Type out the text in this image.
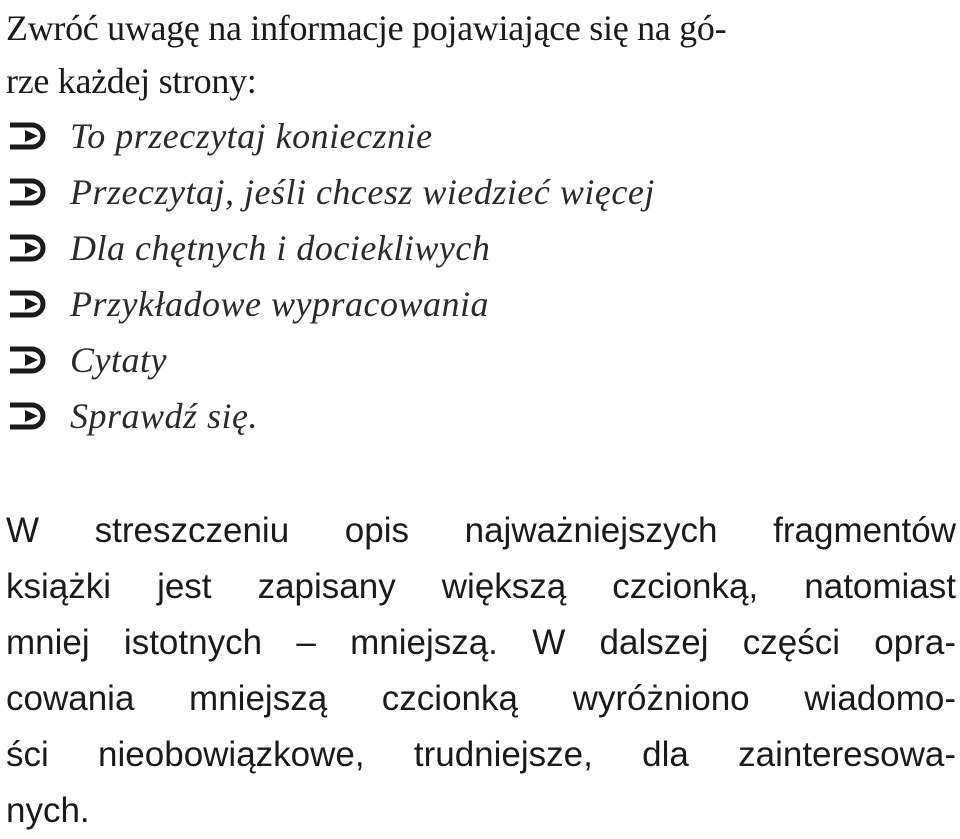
Zwróć uwagę na informacje pojawiające się na gó-
rze każdej strony:

To przeczytaj koniecznie
Przeczytaj, jeśli chcesz wiedzieć więcej
Dla chętnych i dociekliwych
Przykładowe wypracowania
Cytaty
Sprawdź się.

W streszczeniu opis najważniejszych fragmentów
książki jest zapisany większą czcionką, natomiast
mniej istotnych – mniejszą. W dalszej części opra-
cowania mniejszą czcionką wyróżniono wiadomo-
ści nieobowiązkowe, trudniejsze, dla zainteresowa-
nych.
